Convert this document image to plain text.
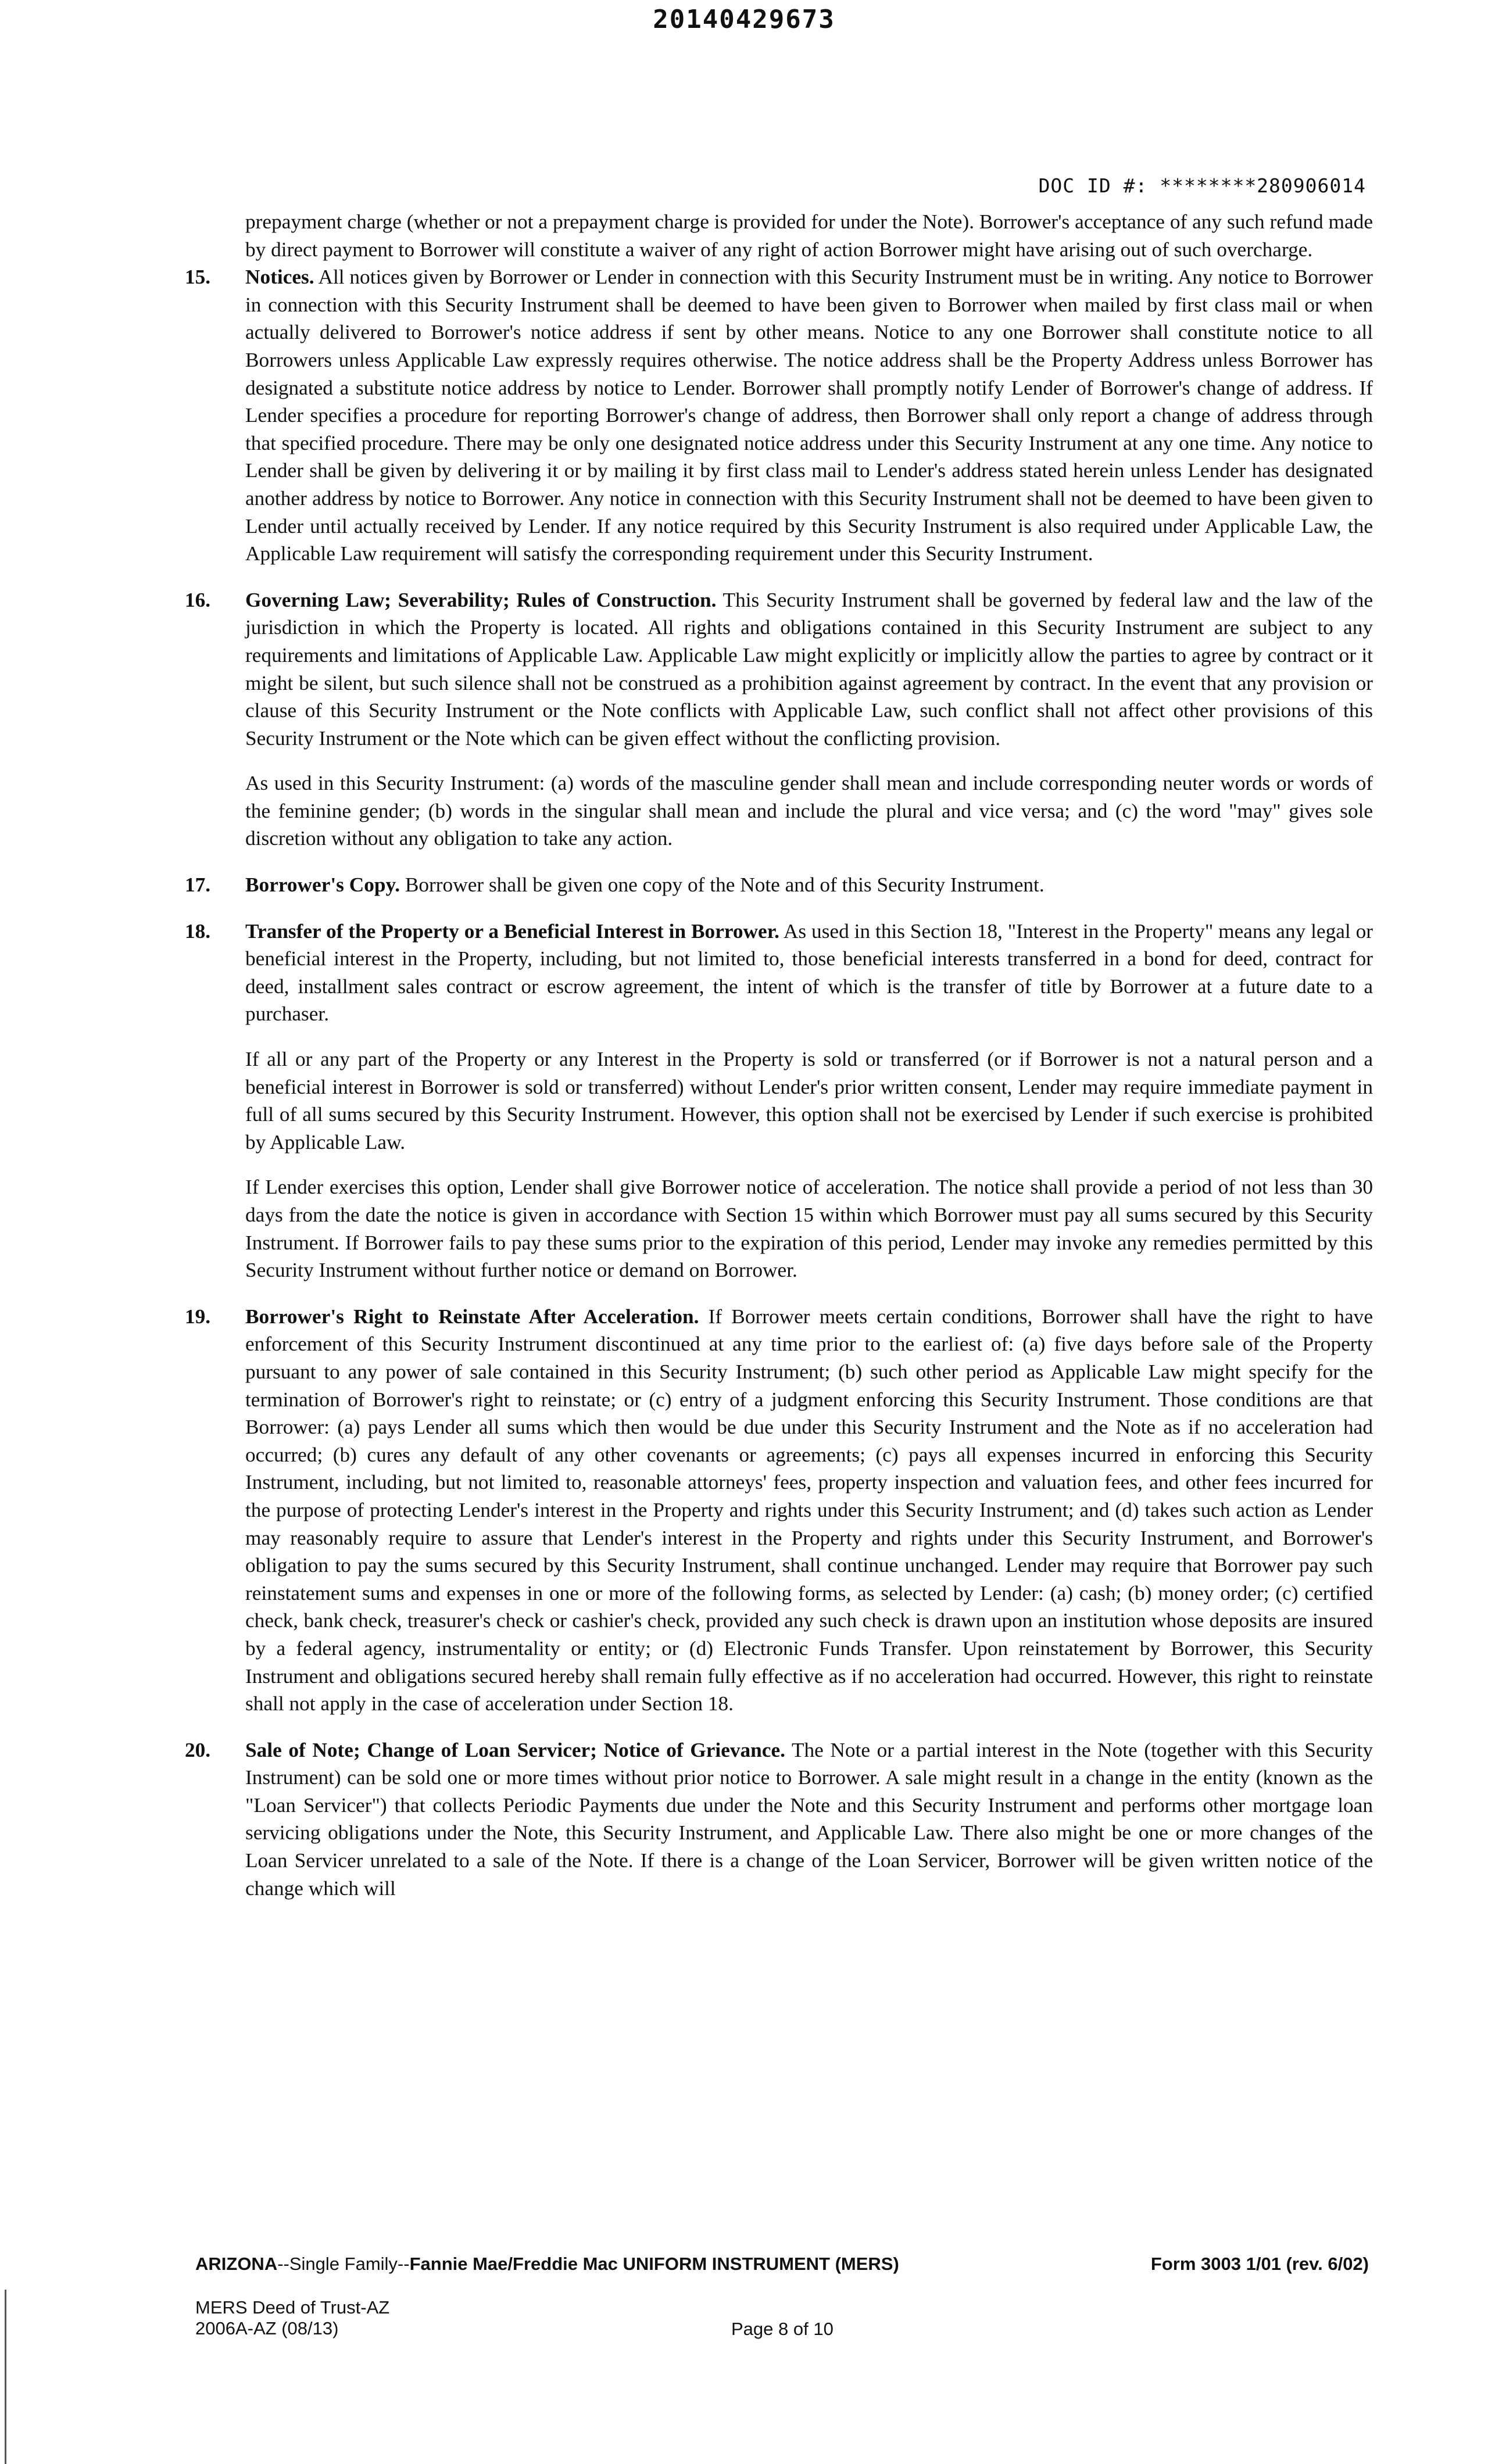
20140429673
DOC ID #: ********280906014

prepayment charge (whether or not a prepayment charge is provided for under the Note). Borrower's acceptance of any such refund made by direct payment to Borrower will constitute a waiver of any right of action Borrower might have arising out of such overcharge.

15. Notices. All notices given by Borrower or Lender in connection with this Security Instrument must be in writing. Any notice to Borrower in connection with this Security Instrument shall be deemed to have been given to Borrower when mailed by first class mail or when actually delivered to Borrower's notice address if sent by other means. Notice to any one Borrower shall constitute notice to all Borrowers unless Applicable Law expressly requires otherwise. The notice address shall be the Property Address unless Borrower has designated a substitute notice address by notice to Lender. Borrower shall promptly notify Lender of Borrower's change of address. If Lender specifies a procedure for reporting Borrower's change of address, then Borrower shall only report a change of address through that specified procedure. There may be only one designated notice address under this Security Instrument at any one time. Any notice to Lender shall be given by delivering it or by mailing it by first class mail to Lender's address stated herein unless Lender has designated another address by notice to Borrower. Any notice in connection with this Security Instrument shall not be deemed to have been given to Lender until actually received by Lender. If any notice required by this Security Instrument is also required under Applicable Law, the Applicable Law requirement will satisfy the corresponding requirement under this Security Instrument.

16. Governing Law; Severability; Rules of Construction. This Security Instrument shall be governed by federal law and the law of the jurisdiction in which the Property is located. All rights and obligations contained in this Security Instrument are subject to any requirements and limitations of Applicable Law. Applicable Law might explicitly or implicitly allow the parties to agree by contract or it might be silent, but such silence shall not be construed as a prohibition against agreement by contract. In the event that any provision or clause of this Security Instrument or the Note conflicts with Applicable Law, such conflict shall not affect other provisions of this Security Instrument or the Note which can be given effect without the conflicting provision.

As used in this Security Instrument: (a) words of the masculine gender shall mean and include corresponding neuter words or words of the feminine gender; (b) words in the singular shall mean and include the plural and vice versa; and (c) the word "may" gives sole discretion without any obligation to take any action.

17. Borrower's Copy. Borrower shall be given one copy of the Note and of this Security Instrument.

18. Transfer of the Property or a Beneficial Interest in Borrower. As used in this Section 18, "Interest in the Property" means any legal or beneficial interest in the Property, including, but not limited to, those beneficial interests transferred in a bond for deed, contract for deed, installment sales contract or escrow agreement, the intent of which is the transfer of title by Borrower at a future date to a purchaser.

If all or any part of the Property or any Interest in the Property is sold or transferred (or if Borrower is not a natural person and a beneficial interest in Borrower is sold or transferred) without Lender's prior written consent, Lender may require immediate payment in full of all sums secured by this Security Instrument. However, this option shall not be exercised by Lender if such exercise is prohibited by Applicable Law.

If Lender exercises this option, Lender shall give Borrower notice of acceleration. The notice shall provide a period of not less than 30 days from the date the notice is given in accordance with Section 15 within which Borrower must pay all sums secured by this Security Instrument. If Borrower fails to pay these sums prior to the expiration of this period, Lender may invoke any remedies permitted by this Security Instrument without further notice or demand on Borrower.

19. Borrower's Right to Reinstate After Acceleration. If Borrower meets certain conditions, Borrower shall have the right to have enforcement of this Security Instrument discontinued at any time prior to the earliest of: (a) five days before sale of the Property pursuant to any power of sale contained in this Security Instrument; (b) such other period as Applicable Law might specify for the termination of Borrower's right to reinstate; or (c) entry of a judgment enforcing this Security Instrument. Those conditions are that Borrower: (a) pays Lender all sums which then would be due under this Security Instrument and the Note as if no acceleration had occurred; (b) cures any default of any other covenants or agreements; (c) pays all expenses incurred in enforcing this Security Instrument, including, but not limited to, reasonable attorneys' fees, property inspection and valuation fees, and other fees incurred for the purpose of protecting Lender's interest in the Property and rights under this Security Instrument; and (d) takes such action as Lender may reasonably require to assure that Lender's interest in the Property and rights under this Security Instrument, and Borrower's obligation to pay the sums secured by this Security Instrument, shall continue unchanged. Lender may require that Borrower pay such reinstatement sums and expenses in one or more of the following forms, as selected by Lender: (a) cash; (b) money order; (c) certified check, bank check, treasurer's check or cashier's check, provided any such check is drawn upon an institution whose deposits are insured by a federal agency, instrumentality or entity; or (d) Electronic Funds Transfer. Upon reinstatement by Borrower, this Security Instrument and obligations secured hereby shall remain fully effective as if no acceleration had occurred. However, this right to reinstate shall not apply in the case of acceleration under Section 18.

20. Sale of Note; Change of Loan Servicer; Notice of Grievance. The Note or a partial interest in the Note (together with this Security Instrument) can be sold one or more times without prior notice to Borrower. A sale might result in a change in the entity (known as the "Loan Servicer") that collects Periodic Payments due under the Note and this Security Instrument and performs other mortgage loan servicing obligations under the Note, this Security Instrument, and Applicable Law. There also might be one or more changes of the Loan Servicer unrelated to a sale of the Note. If there is a change of the Loan Servicer, Borrower will be given written notice of the change which will

ARIZONA--Single Family--Fannie Mae/Freddie Mac UNIFORM INSTRUMENT (MERS)	Form 3003 1/01 (rev. 6/02)
MERS Deed of Trust-AZ
2006A-AZ (08/13)	Page 8 of 10
